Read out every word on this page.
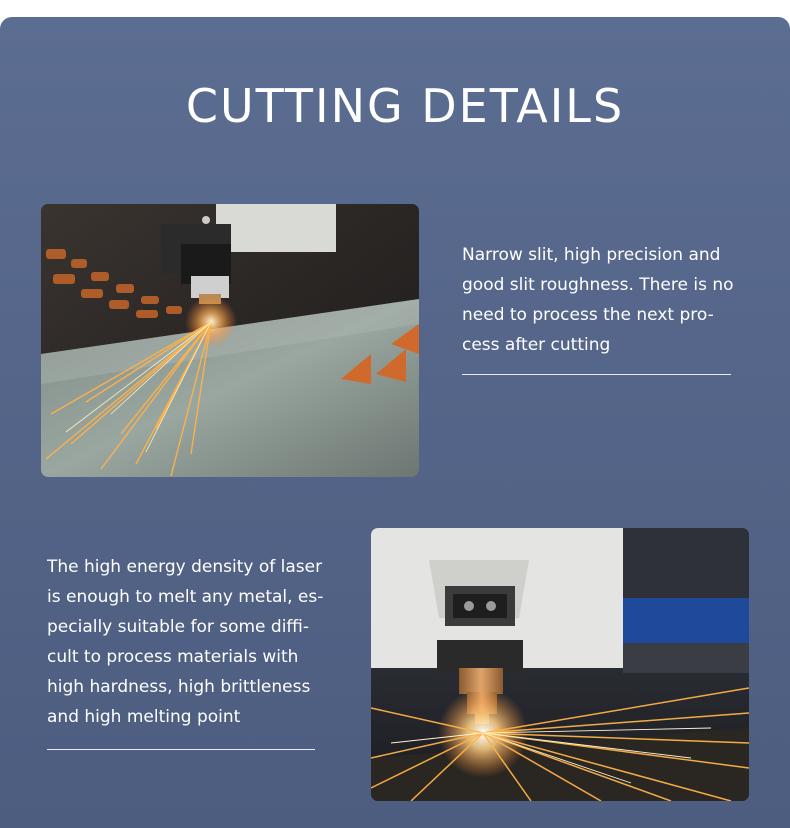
CUTTING DETAILS

Narrow slit, high precision and
good slit roughness. There is no
need to process the next pro-
cess after cutting

The high energy density of laser
is enough to melt any metal, es-
pecially suitable for some diffi-
cult to process materials with
high hardness, high brittleness
and high melting point
